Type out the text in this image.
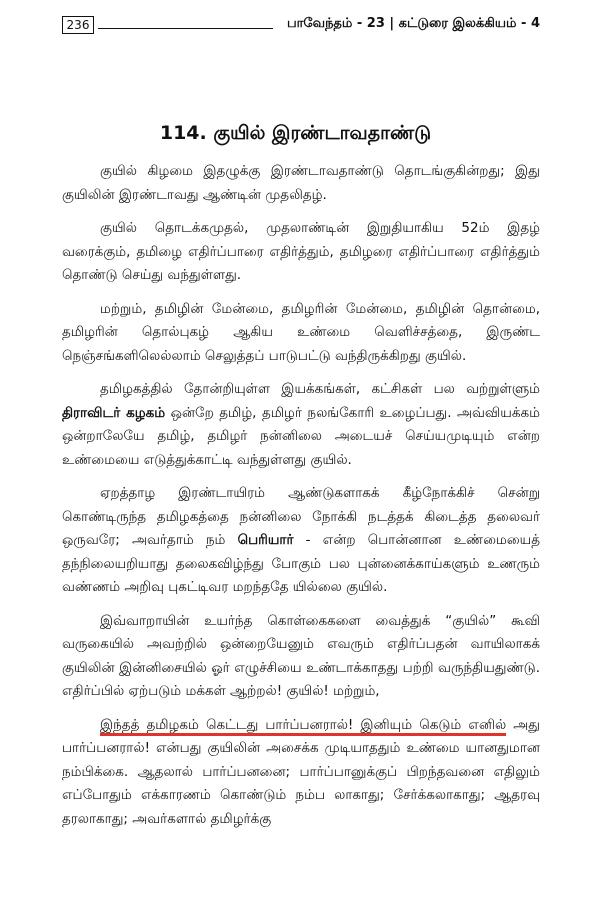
236	பாவேந்தம் - 23 | கட்டுரை இலக்கியம் - 4
114. குயில் இரண்டாவதாண்டு

குயில் கிழமை இதழுக்கு இரண்டாவதாண்டு தொடங்குகின்றது; இது குயிலின் இரண்டாவது ஆண்டின் முதலிதழ்.

குயில் தொடக்கமுதல், முதலாண்டின் இறுதியாகிய 52ம் இதழ் வரைக்கும், தமிழை எதிர்ப்பாரை எதிர்த்தும், தமிழரை எதிர்ப்பாரை எதிர்த்தும் தொண்டு செய்து வந்துள்ளது.

மற்றும், தமிழின் மேன்மை, தமிழரின் மேன்மை, தமிழின் தொன்மை, தமிழரின் தொல்புகழ் ஆகிய உண்மை வெளிச்சத்தை, இருண்ட நெஞ்சங்களிலெல்லாம் செலுத்தப் பாடுபட்டு வந்திருக்கிறது குயில்.

தமிழகத்தில் தோன்றியுள்ள இயக்கங்கள், கட்சிகள் பல வற்றுள்ளும் திராவிடர் கழகம் ஒன்றே தமிழ், தமிழர் நலங்கோரி உழைப்பது. அவ்வியக்கம் ஒன்றாலேயே தமிழ், தமிழர் நன்னிலை அடையச் செய்யமுடியும் என்ற உண்மையை எடுத்துக்காட்டி வந்துள்ளது குயில்.

ஏறத்தாழ இரண்டாயிரம் ஆண்டுகளாகக் கீழ்நோக்கிச் சென்று கொண்டிருந்த தமிழகத்தை நன்னிலை நோக்கி நடத்தக் கிடைத்த தலைவர் ஒருவரே; அவர்தாம் நம் பெரியார் - என்ற பொன்னான உண்மையைத் தந்நிலையறியாது தலைகவிழ்ந்து போகும் பல புன்னைக்காய்களும் உணரும் வண்ணம் அறிவு புகட்டிவர மறந்ததே யில்லை குயில்.

இவ்வாறாயின் உயர்ந்த கொள்கைகளை வைத்துக் “குயில்” கூவி வருகையில் அவற்றில் ஒன்றையேனும் எவரும் எதிர்ப்பதன் வாயிலாகக் குயிலின் இன்னிசையில் ஓர் எழுச்சியை உண்டாக்காதது பற்றி வருந்தியதுண்டு. எதிர்ப்பில் ஏற்படும் மக்கள் ஆற்றல்! குயில்! மற்றும்,

இந்தத் தமிழகம் கெட்டது பார்ப்பனரால்! இனியும் கெடும் எனில் அது பார்ப்பனரால்! என்பது குயிலின் அசைக்க முடியாததும் உண்மை யானதுமான நம்பிக்கை. ஆதலால் பார்ப்பனனை; பார்ப்பானுக்குப் பிறந்தவனை எதிலும் எப்போதும் எக்காரணம் கொண்டும் நம்ப லாகாது; சேர்க்கலாகாது; ஆதரவு தரலாகாது; அவர்களால் தமிழர்க்கு
